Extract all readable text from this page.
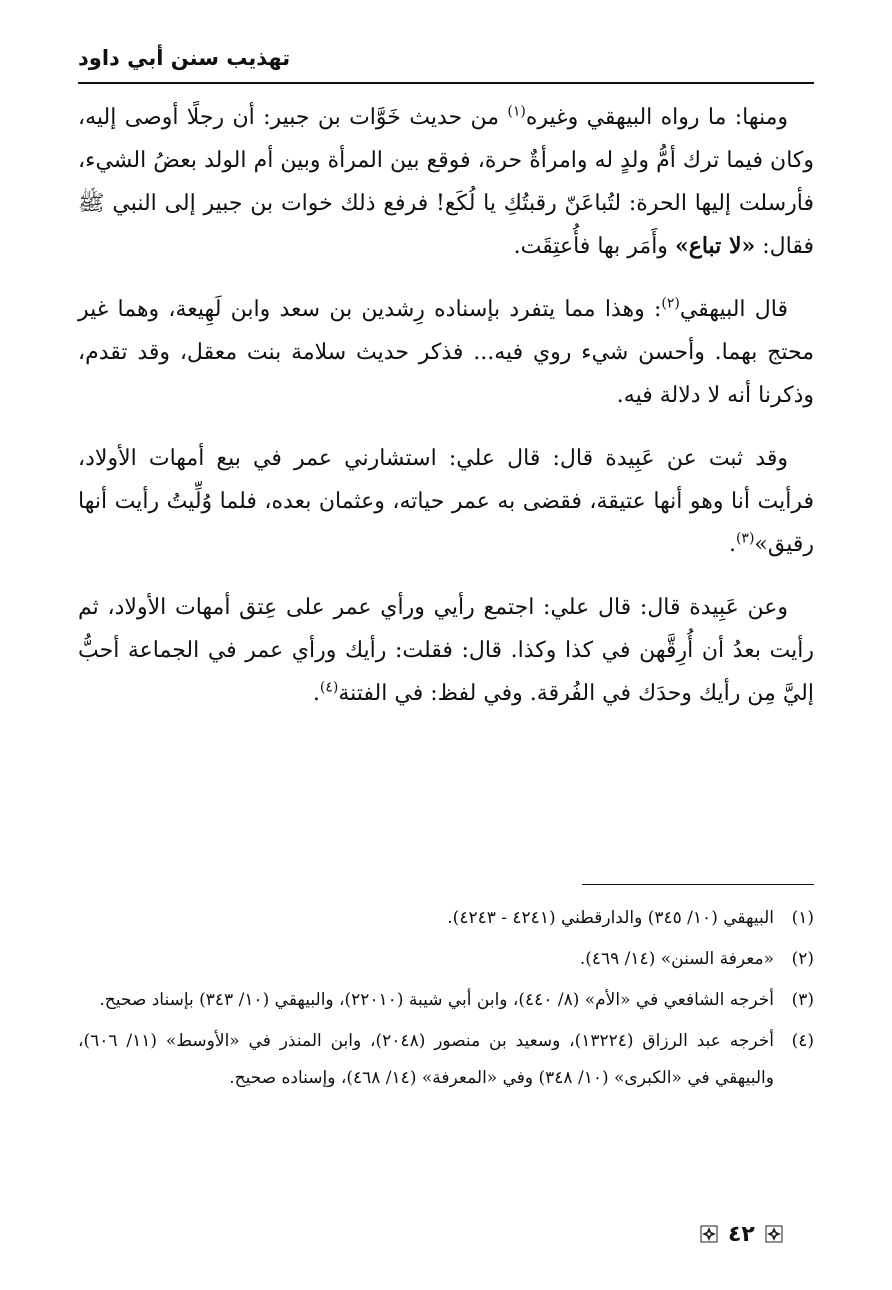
تهذيب سنن أبي داود

ومنها: ما رواه البيهقي وغيره$^{(١)}$ من حديث خَوَّات بن جبير: أن رجلًا أوصى إليه، وكان فيما ترك أمُّ ولدٍ له وامرأةٌ حرة، فوقع بين المرأة وبين أم الولد بعضُ الشيء، فأرسلت إليها الحرة: لتُباعَنّ رقبتُكِ يا لُكَع! فرفع ذلك خوات بن جبير إلى النبي ﷺ فقال: «لا تباع» وأَمَر بها فأُعتِقَت.

قال البيهقي$^{(٢)}$: وهذا مما يتفرد بإسناده رِشدين بن سعد وابن لَهِيعة، وهما غير محتج بهما. وأحسن شيء روي فيه... فذكر حديث سلامة بنت معقل، وقد تقدم، وذكرنا أنه لا دلالة فيه.

وقد ثبت عن عَبِيدة قال: قال علي: استشارني عمر في بيع أمهات الأولاد، فرأيت أنا وهو أنها عتيقة، فقضى به عمر حياته، وعثمان بعده، فلما وُلِّيتُ رأيت أنها رقيق»$^{(٣)}$.

وعن عَبِيدة قال: قال علي: اجتمع رأيي ورأي عمر على عِتق أمهات الأولاد، ثم رأيت بعدُ أن أُرِقَّهن في كذا وكذا. قال: فقلت: رأيك ورأي عمر في الجماعة أحبُّ إليَّ مِن رأيك وحدَك في الفُرقة. وفي لفظ: في الفتنة$^{(٤)}$.

(١)
البيهقي (١٠/ ٣٤٥) والدارقطني (٤٢٤١ - ٤٢٤٣).
(٢)
«معرفة السنن» (١٤/ ٤٦٩).
(٣)
أخرجه الشافعي في «الأم» (٨/ ٤٤٠)، وابن أبي شيبة (٢٢٠١٠)، والبيهقي (١٠/ ٣٤٣) بإسناد صحيح.
(٤)
أخرجه عبد الرزاق (١٣٢٢٤)، وسعيد بن منصور (٢٠٤٨)، وابن المنذر في «الأوسط» (١١/ ٦٠٦)، والبيهقي في «الكبرى» (١٠/ ٣٤٨) وفي «المعرفة» (١٤/ ٤٦٨)، وإسناده صحيح.
٤٢
